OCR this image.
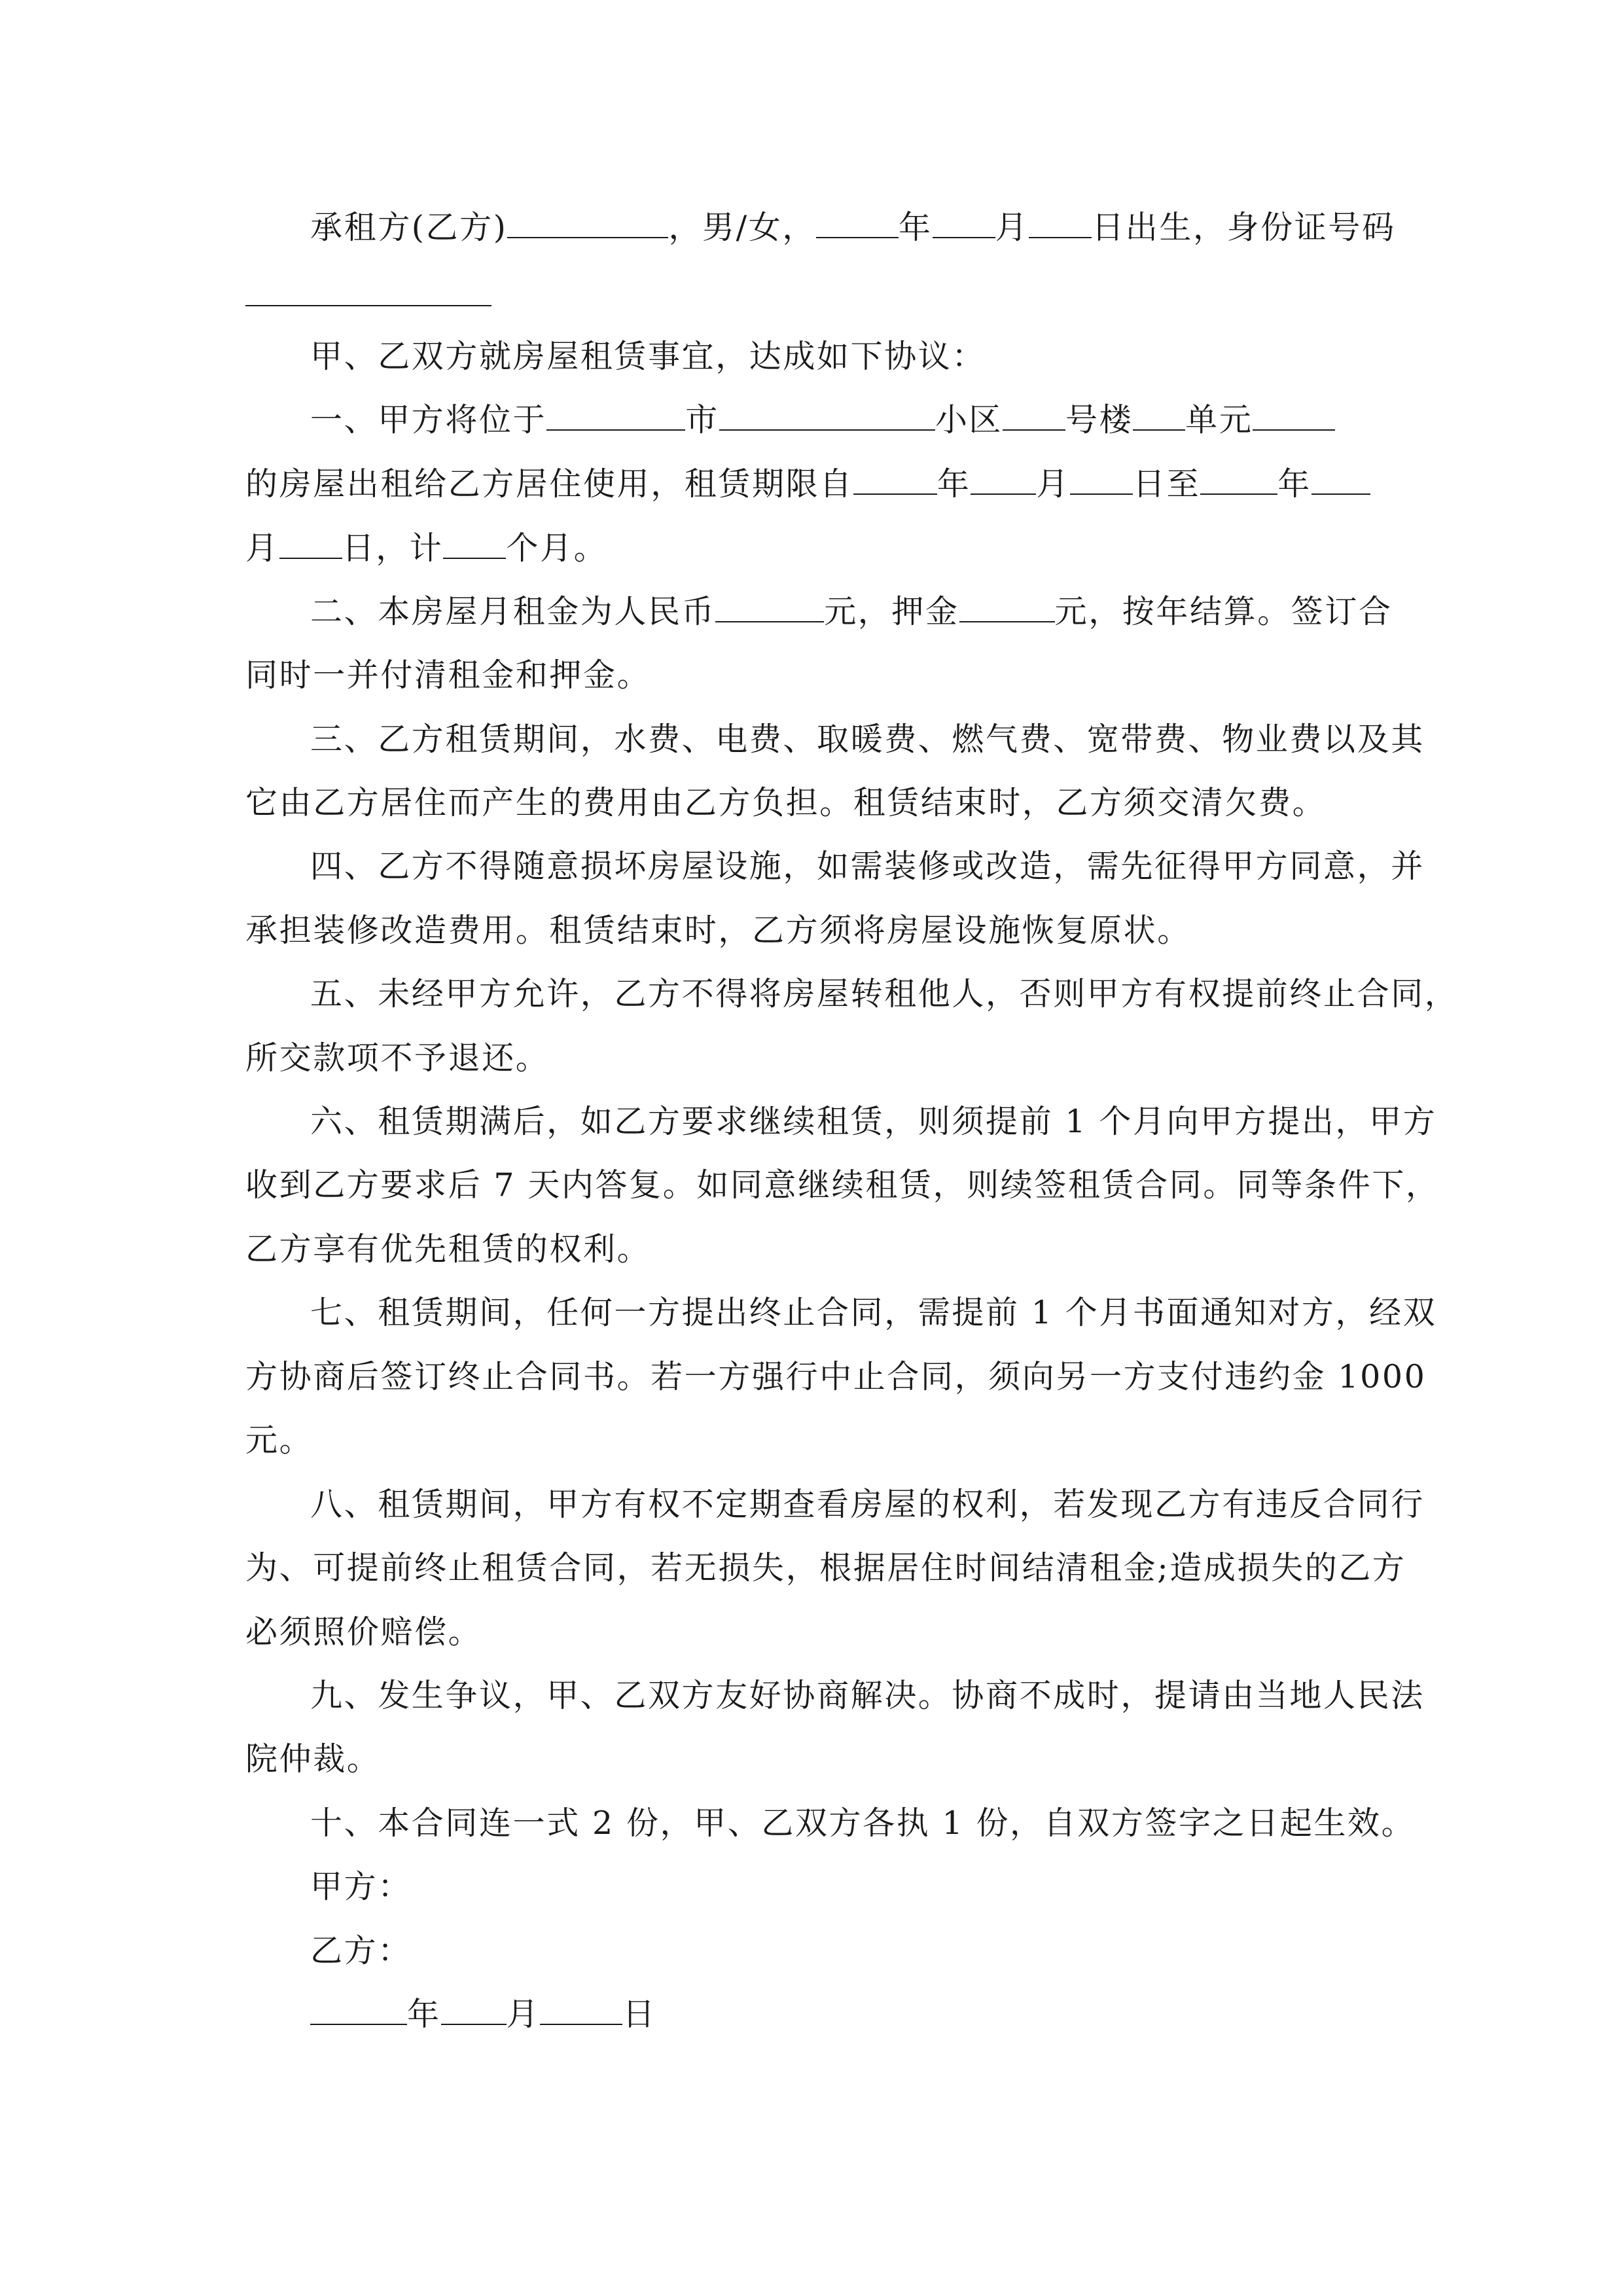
承租方(乙方)	，男/女，	年 月 日出生，身份证号码
甲、乙双方就房屋租赁事宜，达成如下协议：
一、甲方将位于	市	小区 号楼 单元
的房屋出租给乙方居住使用，租赁期限自	年 月 日至 年
月 日，计 个月。
二、本房屋月租金为人民币	元，押金	元，按年结算。签订合
同时一并付清租金和押金。
三、乙方租赁期间，水费、电费、取暖费、燃气费、宽带费、物业费以及其
它由乙方居住而产生的费用由乙方负担。租赁结束时，乙方须交清欠费。
四、乙方不得随意损坏房屋设施，如需装修或改造，需先征得甲方同意，并
承担装修改造费用。租赁结束时，乙方须将房屋设施恢复原状。
五、未经甲方允许，乙方不得将房屋转租他人，否则甲方有权提前终止合同，
所交款项不予退还。
六、租赁期满后，如乙方要求继续租赁，则须提前 1 个月向甲方提出，甲方
收到乙方要求后 7 天内答复。如同意继续租赁，则续签租赁合同。同等条件下，
乙方享有优先租赁的权利。
七、租赁期间，任何一方提出终止合同，需提前 1 个月书面通知对方，经双
方协商后签订终止合同书。若一方强行中止合同，须向另一方支付违约金 1000
元。
八、租赁期间，甲方有权不定期查看房屋的权利，若发现乙方有违反合同行
为、可提前终止租赁合同，若无损失，根据居住时间结清租金;造成损失的乙方
必须照价赔偿。
九、发生争议，甲、乙双方友好协商解决。协商不成时，提请由当地人民法
院仲裁。
十、本合同连一式 2 份，甲、乙双方各执 1 份，自双方签字之日起生效。
甲方：
乙方：
年 月	日
